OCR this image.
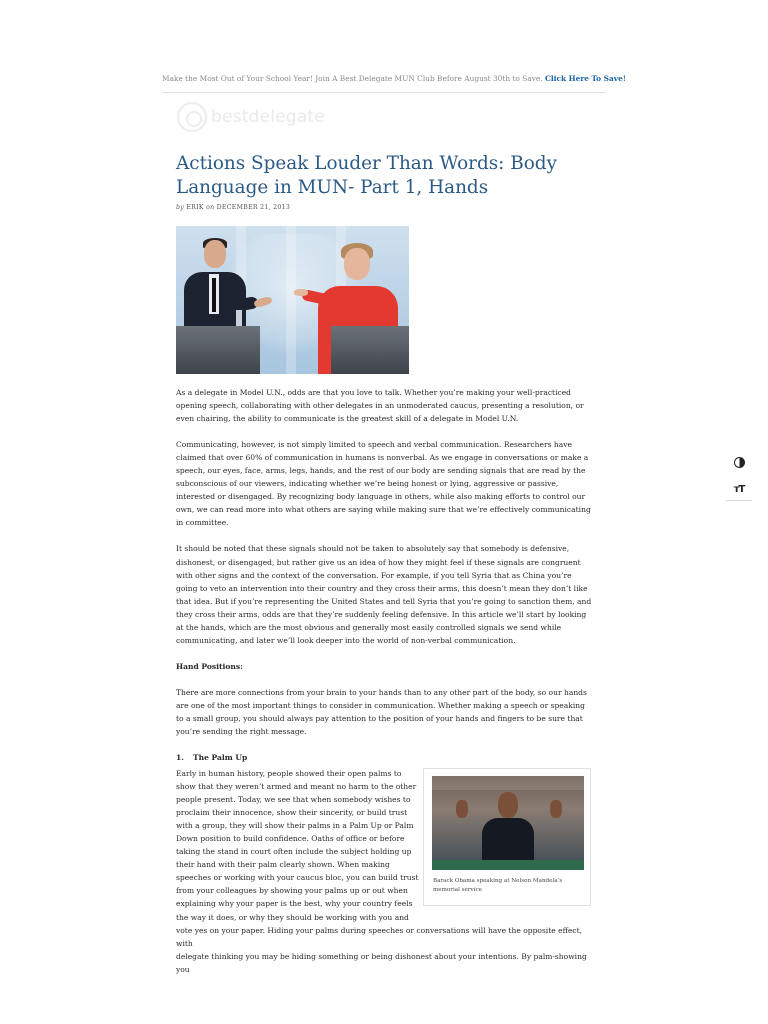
Make the Most Out of Your School Year! Join A Best Delegate MUN Club Before August 30th to Save. Click Here To Save!
bestdelegate
Actions Speak Louder Than Words: Body Language in MUN- Part 1, Hands
by ERIK on DECEMBER 21, 2013

As a delegate in Model U.N., odds are that you love to talk. Whether you’re making your well-practiced opening speech, collaborating with other delegates in an unmoderated caucus, presenting a resolution, or even chairing, the ability to communicate is the greatest skill of a delegate in Model U.N.

Communicating, however, is not simply limited to speech and verbal communication. Researchers have claimed that over 60% of communication in humans is nonverbal. As we engage in conversations or make a speech, our eyes, face, arms, legs, hands, and the rest of our body are sending signals that are read by the subconscious of our viewers, indicating whether we’re being honest or lying, aggressive or passive, interested or disengaged. By recognizing body language in others, while also making efforts to control our own, we can read more into what others are saying while making sure that we’re effectively communicating in committee.

It should be noted that these signals should not be taken to absolutely say that somebody is defensive, dishonest, or disengaged, but rather give us an idea of how they might feel if these signals are congruent with other signs and the context of the conversation. For example, if you tell Syria that as China you’re going to veto an intervention into their country and they cross their arms, this doesn’t mean they don’t like that idea. But if you’re representing the United States and tell Syria that you’re going to sanction them, and they cross their arms, odds are that they’re suddenly feeling defensive. In this article we’ll start by looking at the hands, which are the most obvious and generally most easily controlled signals we send while communicating, and later we’ll look deeper into the world of non-verbal communication.

Hand Positions:

There are more connections from your brain to your hands than to any other part of the body, so our hands are one of the most important things to consider in communication. Whether making a speech or speaking to a small group, you should always pay attention to the position of your hands and fingers to be sure that you’re sending the right message.

1. The Palm Up

Early in human history, people showed their open palms to

show that they weren’t armed and meant no harm to the other

people present. Today, we see that when somebody wishes to

proclaim their innocence, show their sincerity, or build trust

with a group, they will show their palms in a Palm Up or Palm

Down position to build confidence. Oaths of office or before

taking the stand in court often include the subject holding up

their hand with their palm clearly shown. When making

speeches or working with your caucus bloc, you can build trust

from your colleagues by showing your palms up or out when

explaining why your paper is the best, why your country feels

the way it does, or why they should be working with you and

vote yes on your paper. Hiding your palms during speeches or conversations will have the opposite effect, with

delegate thinking you may be hiding something or being dishonest about your intentions. By palm-showing you

Barack Obama speaking at Nelson Mandela’s memorial service
тT
